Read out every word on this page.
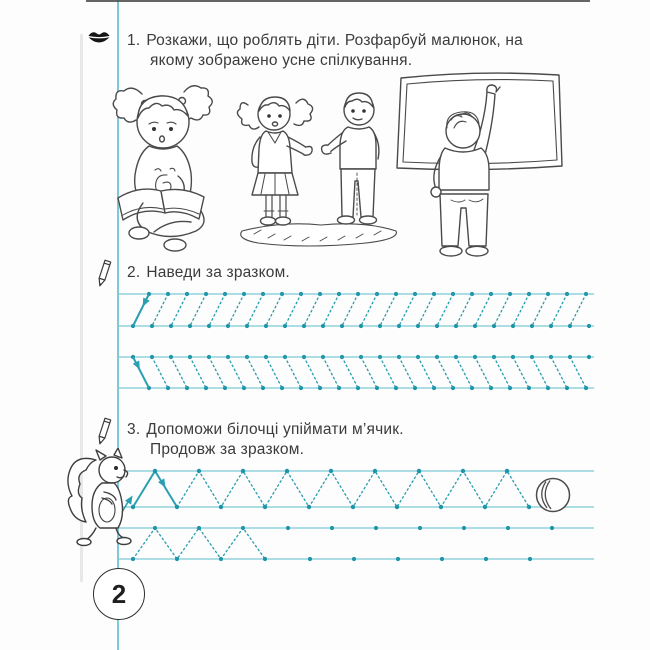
1. Розкажи, що роблять діти. Розфарбуй малюнок, на
якому зображено усне спілкування.
2. Наведи за зразком.
3. Допоможи білочці упіймати м’ячик.
Продовж за зразком.
2
